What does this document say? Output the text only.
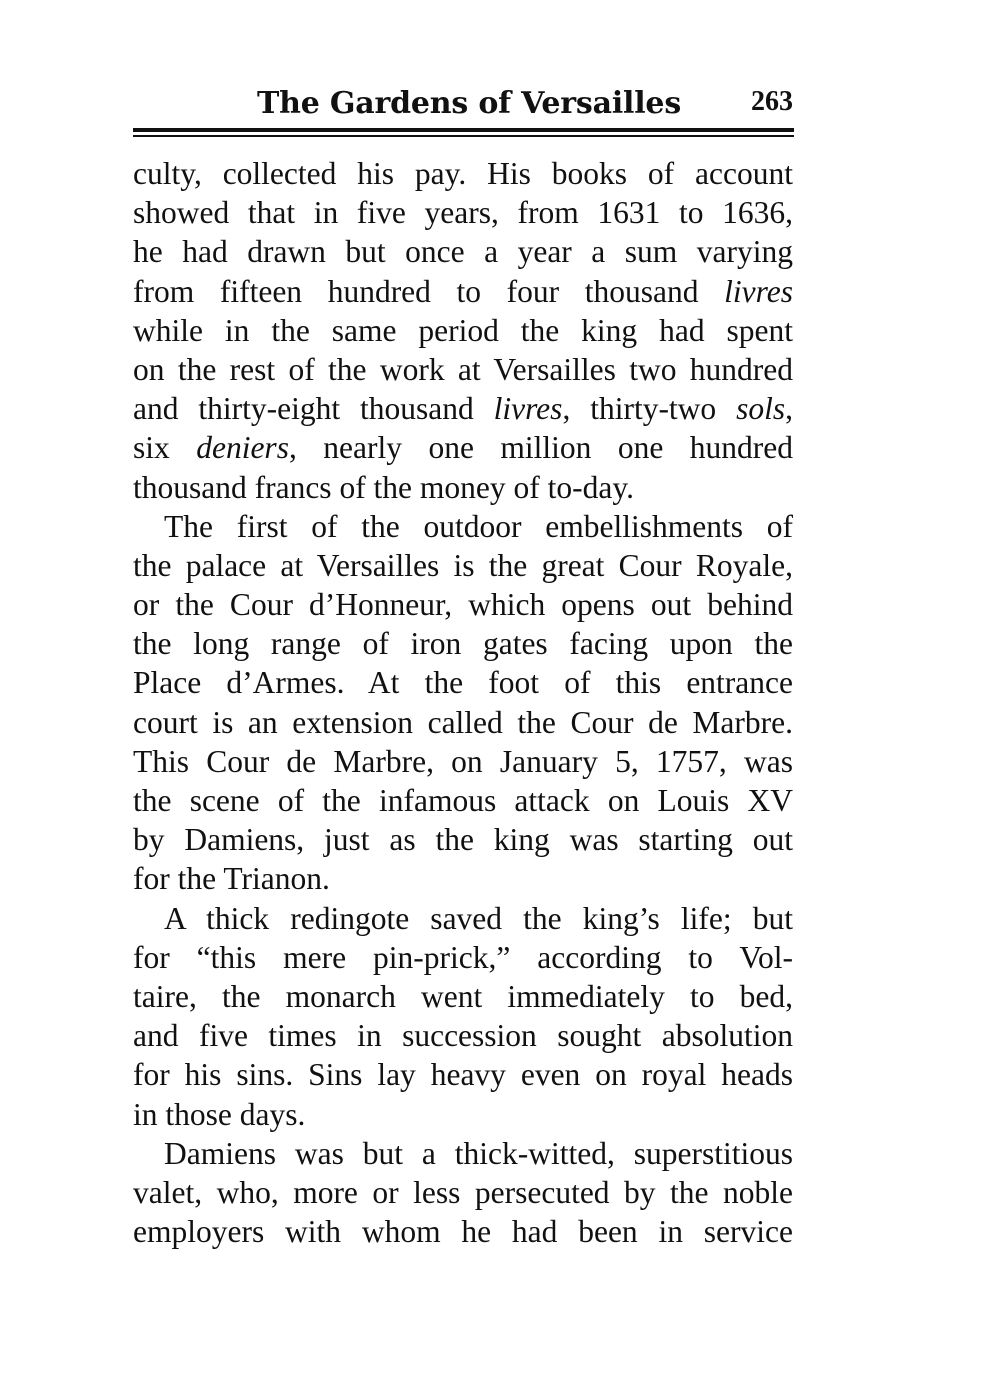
The Gardens of Versailles 263
culty, collected his pay. His books of account
showed that in five years, from 1631 to 1636,
he had drawn but once a year a sum varying
from fifteen hundred to four thousand livres
while in the same period the king had spent
on the rest of the work at Versailles two hundred
and thirty-eight thousand livres, thirty-two sols,
six deniers, nearly one million one hundred
thousand francs of the money of to-day.
The first of the outdoor embellishments of
the palace at Versailles is the great Cour Royale,
or the Cour d’Honneur, which opens out behind
the long range of iron gates facing upon the
Place d’Armes. At the foot of this entrance
court is an extension called the Cour de Marbre.
This Cour de Marbre, on January 5, 1757, was
the scene of the infamous attack on Louis XV
by Damiens, just as the king was starting out
for the Trianon.
A thick redingote saved the king’s life; but
for “this mere pin-prick,” according to Vol-
taire, the monarch went immediately to bed,
and five times in succession sought absolution
for his sins. Sins lay heavy even on royal heads
in those days.
Damiens was but a thick-witted, superstitious
valet, who, more or less persecuted by the noble
employers with whom he had been in service
